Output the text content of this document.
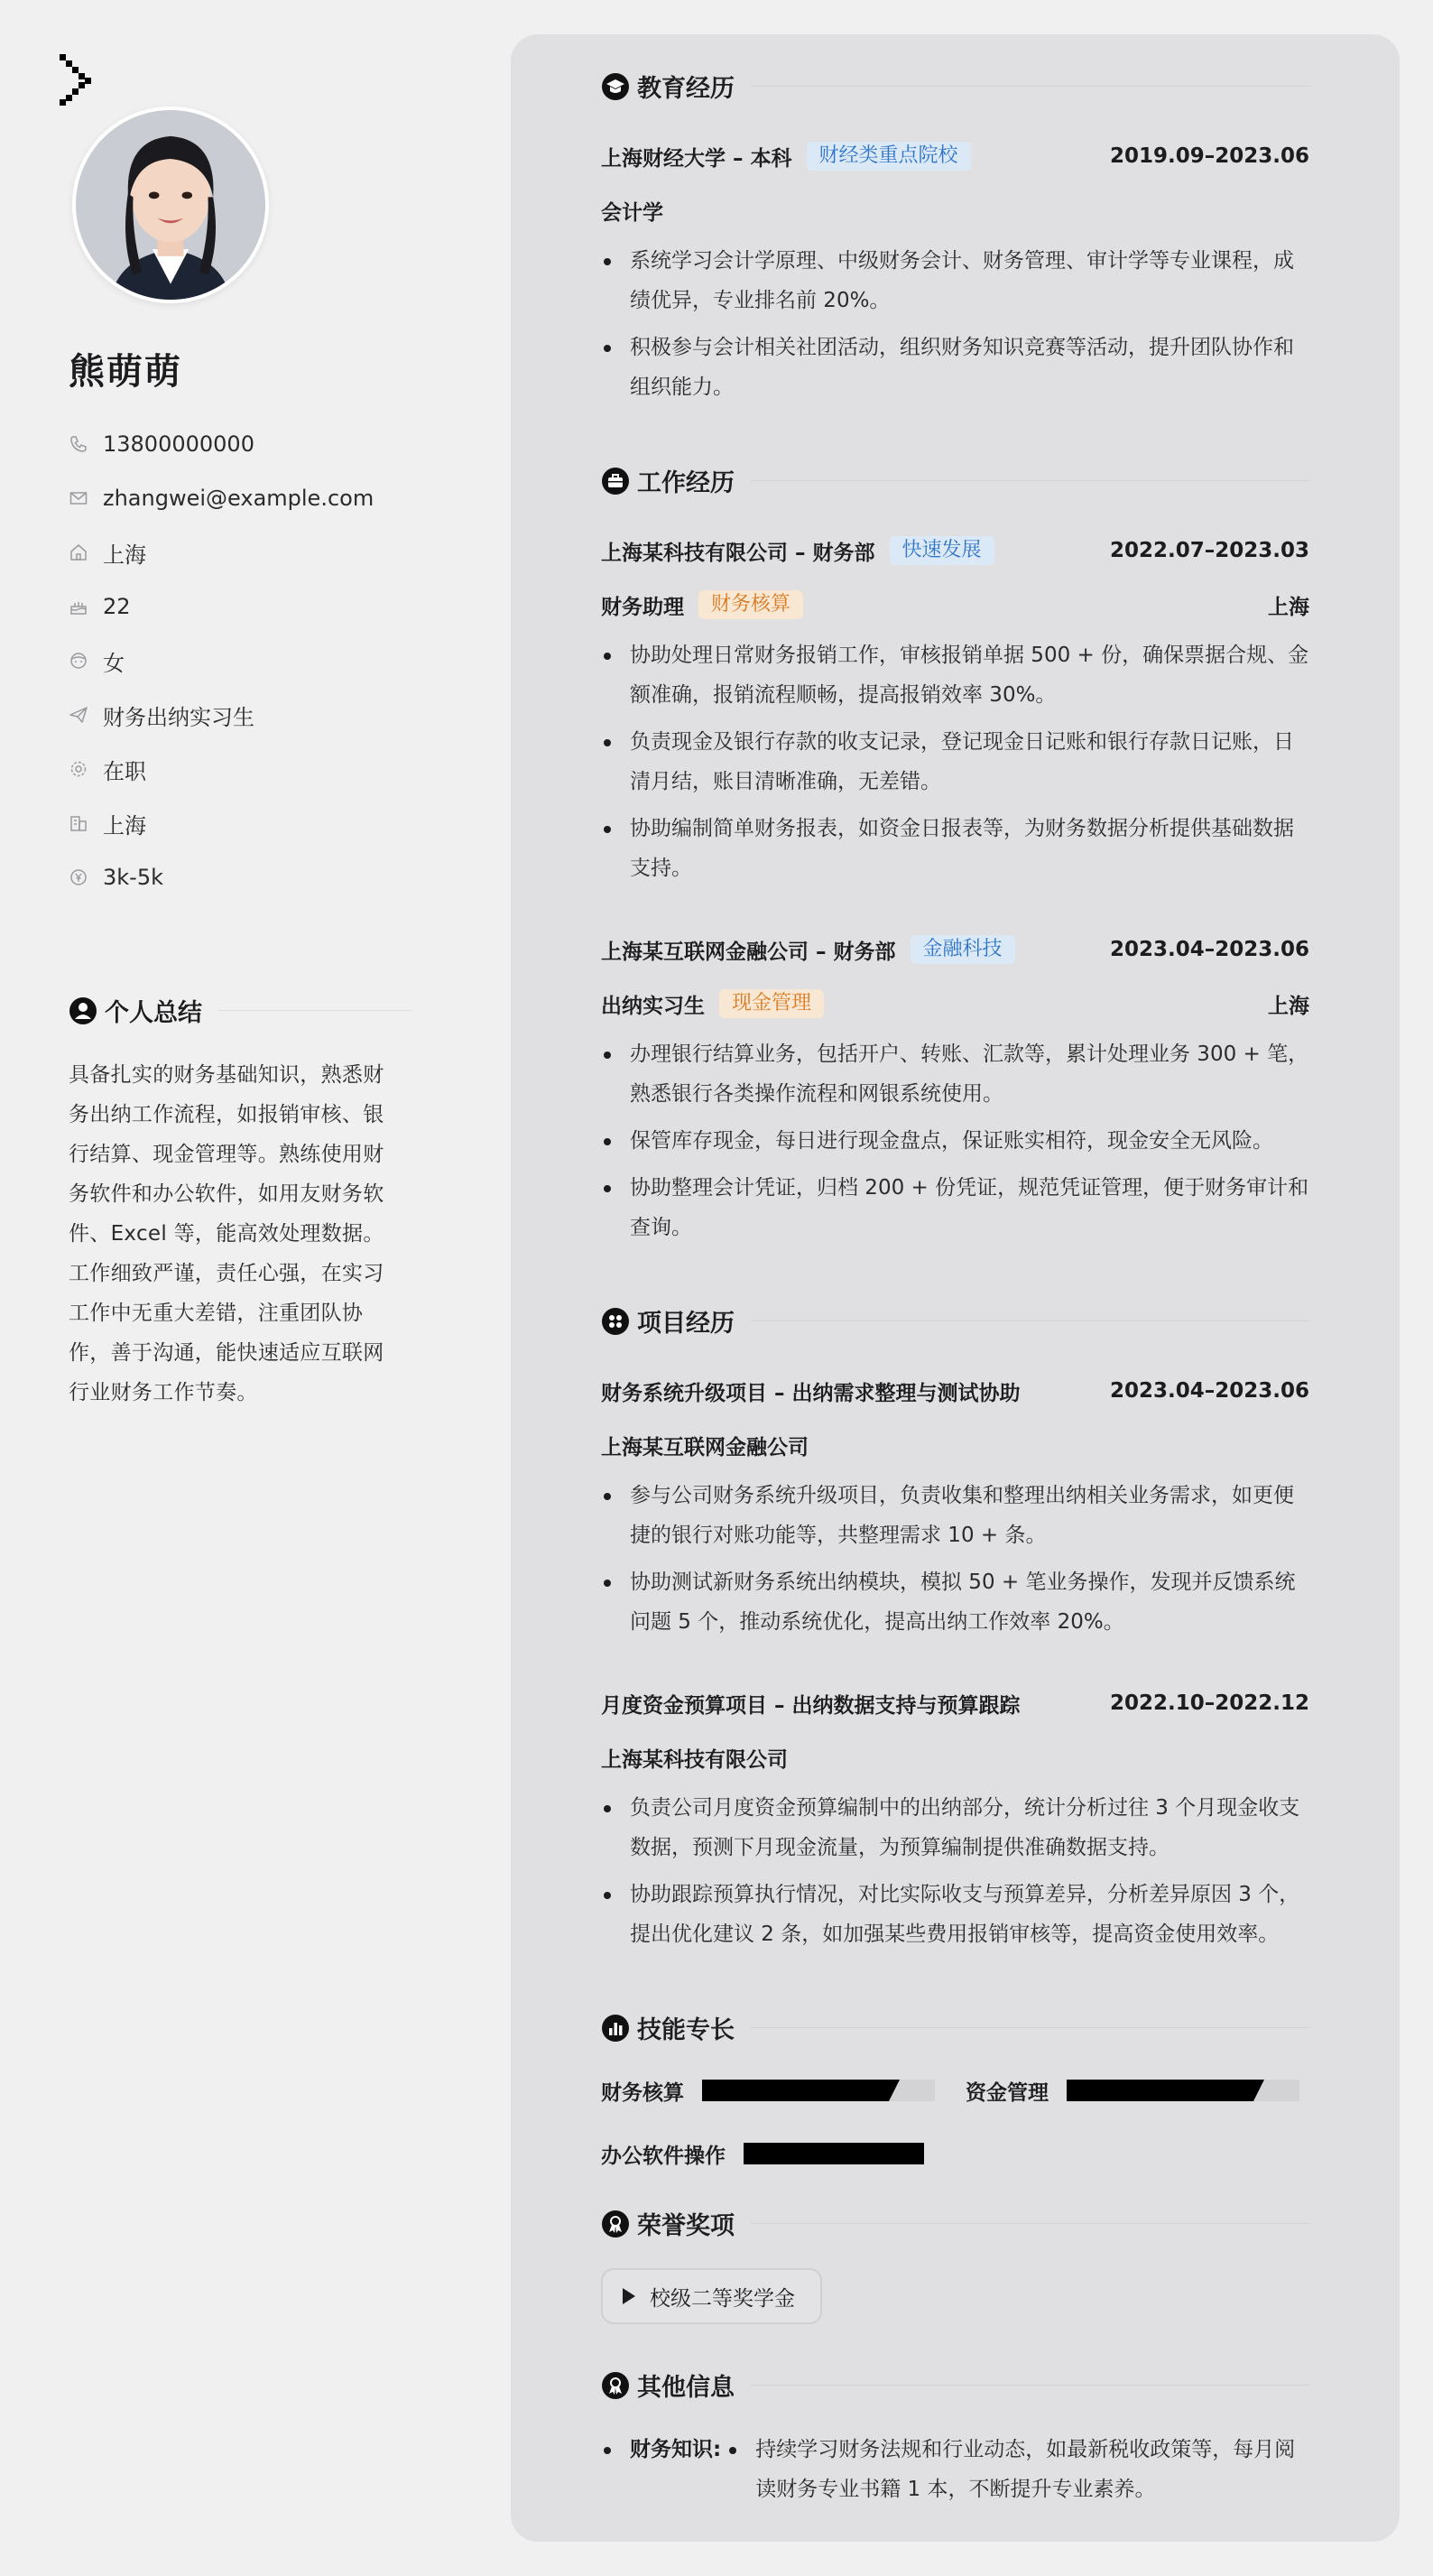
熊萌萌
13800000000
zhangwei@example.com
上海
22
女
财务出纳实习生
在职
上海
3k-5k
个人总结

具备扎实的财务基础知识，熟悉财务出纳工作流程，如报销审核、银行结算、现金管理等。熟练使用财务软件和办公软件，如用友财务软件、Excel 等，能高效处理数据。工作细致严谨，责任心强，在实习工作中无重大差错，注重团队协作，善于沟通，能快速适应互联网行业财务工作节奏。

教育经历
上海财经大学 – 本科	财经类重点院校	2019.09–2023.06
会计学
系统学习会计学原理、中级财务会计、财务管理、审计学等专业课程，成绩优异，专业排名前 20%。
积极参与会计相关社团活动，组织财务知识竞赛等活动，提升团队协作和组织能力。
工作经历
上海某科技有限公司 – 财务部	快速发展	2022.07–2023.03
财务助理	财务核算	上海
协助处理日常财务报销工作，审核报销单据 500 + 份，确保票据合规、金额准确，报销流程顺畅，提高报销效率 30%。
负责现金及银行存款的收支记录，登记现金日记账和银行存款日记账，日清月结，账目清晰准确，无差错。
协助编制简单财务报表，如资金日报表等，为财务数据分析提供基础数据支持。
上海某互联网金融公司 – 财务部	金融科技	2023.04–2023.06
出纳实习生	现金管理	上海
办理银行结算业务，包括开户、转账、汇款等，累计处理业务 300 + 笔，熟悉银行各类操作流程和网银系统使用。
保管库存现金，每日进行现金盘点，保证账实相符，现金安全无风险。
协助整理会计凭证，归档 200 + 份凭证，规范凭证管理，便于财务审计和查询。
项目经历
财务系统升级项目 – 出纳需求整理与测试协助	2023.04–2023.06
上海某互联网金融公司
参与公司财务系统升级项目，负责收集和整理出纳相关业务需求，如更便捷的银行对账功能等，共整理需求 10 + 条。
协助测试新财务系统出纳模块，模拟 50 + 笔业务操作，发现并反馈系统问题 5 个，推动系统优化，提高出纳工作效率 20%。
月度资金预算项目 – 出纳数据支持与预算跟踪	2022.10–2022.12
上海某科技有限公司
负责公司月度资金预算编制中的出纳部分，统计分析过往 3 个月现金收支数据，预测下月现金流量，为预算编制提供准确数据支持。
协助跟踪预算执行情况，对比实际收支与预算差异，分析差异原因 3 个，提出优化建议 2 条，如加强某些费用报销审核等，提高资金使用效率。
技能专长
财务核算	资金管理
办公软件操作
荣誉奖项
校级二等奖学金
其他信息
财务知识:	持续学习财务法规和行业动态，如最新税收政策等，每月阅读财务专业书籍 1 本，不断提升专业素养。
